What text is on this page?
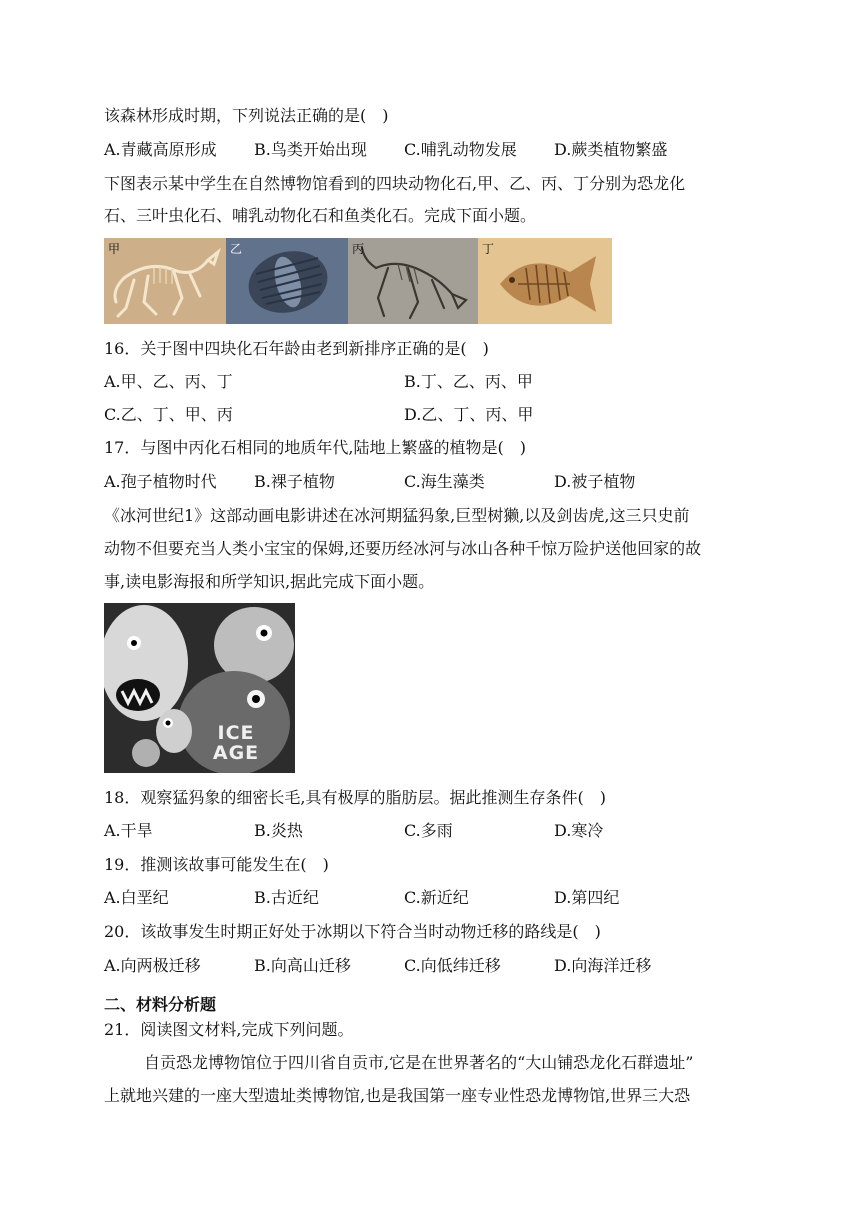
该森林形成时期，下列说法正确的是(　)
A.青藏高原形成 B.鸟类开始出现 C.哺乳动物发展 D.蕨类植物繁盛
下图表示某中学生在自然博物馆看到的四块动物化石,甲、乙、丙、丁分别为恐龙化
石、三叶虫化石、哺乳动物化石和鱼类化石。完成下面小题。
甲	乙	丙	丁
16．关于图中四块化石年龄由老到新排序正确的是(　)
A.甲、乙、丙、丁	B.丁、乙、丙、甲
C.乙、丁、甲、丙	D.乙、丁、丙、甲
17．与图中丙化石相同的地质年代,陆地上繁盛的植物是(　)
A.孢子植物时代 B.裸子植物	C.海生藻类	D.被子植物
《冰河世纪1》这部动画电影讲述在冰河期猛犸象,巨型树獭,以及剑齿虎,这三只史前
动物不但要充当人类小宝宝的保姆,还要历经冰河与冰山各种千惊万险护送他回家的故
事,读电影海报和所学知识,据此完成下面小题。
ICE
AGE
18．观察猛犸象的细密长毛,具有极厚的脂肪层。据此推测生存条件(　)
A.干旱	B.炎热	C.多雨	D.寒冷
19．推测该故事可能发生在(　)
A.白垩纪	B.古近纪	C.新近纪	D.第四纪
20．该故事发生时期正好处于冰期以下符合当时动物迁移的路线是(　)
A.向两极迁移	B.向高山迁移	C.向低纬迁移	D.向海洋迁移
二、材料分析题
21．阅读图文材料,完成下列问题。
自贡恐龙博物馆位于四川省自贡市,它是在世界著名的“大山铺恐龙化石群遗址”
上就地兴建的一座大型遗址类博物馆,也是我国第一座专业性恐龙博物馆,世界三大恐
